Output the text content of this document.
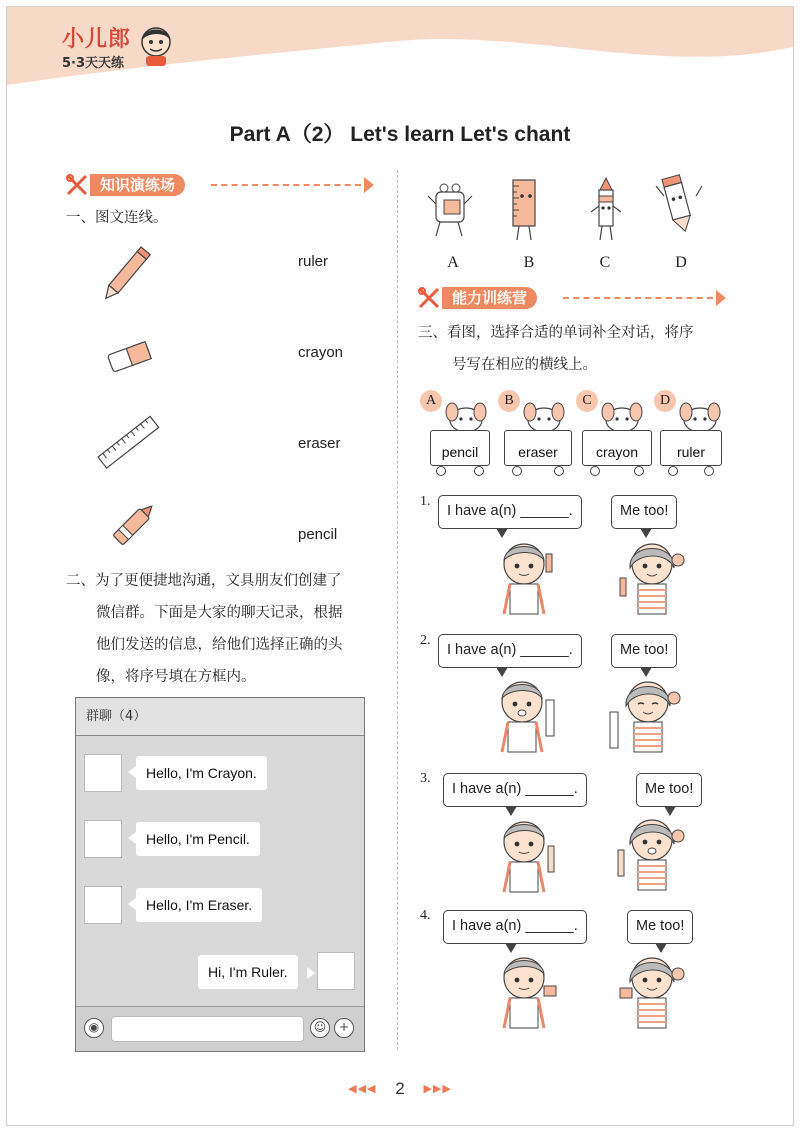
小儿郎
5·3天天练
Part A（2） Let's learn Let's chant
知识演练场
一、图文连线。
ruler
crayon
eraser
pencil
二、为了更便捷地沟通，文具朋友们创建了
微信群。下面是大家的聊天记录，根据
他们发送的信息，给他们选择正确的头
像，将序号填在方框内。
群聊（4）
Hello, I'm Crayon.
Hello, I'm Pencil.
Hello, I'm Eraser.
Hi, I'm Ruler.
◉	☺	+
A	B	C	D
能力训练营
三、看图，选择合适的单词补全对话，将序
号写在相应的横线上。
A
pencil
B
eraser
C
crayon
D
ruler
1.
I have a(n) ______.	Me too!
2.
I have a(n) ______.	Me too!
3.
I have a(n) ______.	Me too!
4.
I have a(n) ______.	Me too!
◀◀◀ 2 ▶▶▶
